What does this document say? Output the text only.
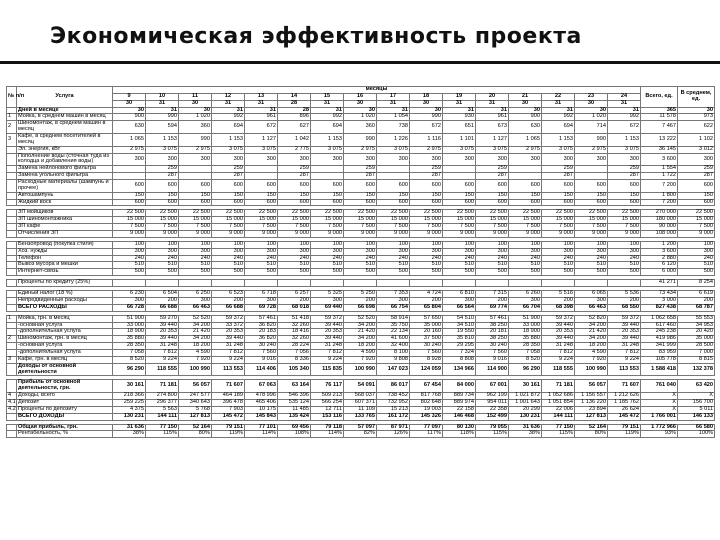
Экономическая эффективность проекта
№ п/п	Услуга	месяцы																Всего, ед.	В среднем, ед.
		9	10	11	12	13	14	15	16	17	18	19	20	21	22	23	24		
		30	31	30	31	31	28	31	30	31	30	31	31	30	31	30	31		
	Дней в месяце	30	31	30	31	31	28	31	30	31	30	31	31	30	31	30	31	365	30
1	Мойка, в среднем машин в месяц	900	990	1 020	992	961	896	992	1 020	1 054	990	930	961	900	992	1 020	992	11 578	973
2	Шиномонтаж, в среднем машин в месяц	630	594	360	694	672	627	694	360	738	672	651	673	630	694	714	672	7 467	622
3	Кафе, в среднем посетителей в месяц	1 065	1 153	990	1 153	1 127	1 042	1 153	990	1 226	1 116	1 101	1 127	1 065	1 153	990	1 153	13 222	1 102
	Эл. энергия, кВт	2 975	3 075	2 975	3 075	3 075	2 775	3 075	2 975	3 075	2 975	3 075	3 075	2 975	3 075	2 975	3 075	36 145	3 012
	Пополнение воды (сточная туда из колодца и добавления воды)	300	300	300	300	300	300	300	300	300	300	300	300	300	300	300	300	3 600	300
	Замена нейлонового фильтра		259		259		259		259		259		259		259		259	1 554	259
	Замена угольного фильтра		287		287		287		287		287		287		287		287	1 722	287
	Расходные материалы (шампунь и прочее)	600	600	600	600	600	600	600	600	600	600	600	600	600	600	600	600	7 200	600
	Автошампунь	150	150	150	150	150	150	150	150	150	150	150	150	150	150	150	150	1 800	150
	Жидкий воск	600	600	600	600	600	600	600	600	600	600	600	600	600	600	600	600	7 200	600

	ЗП мойщиков	22 500	22 500	22 500	22 500	22 500	22 500	22 500	22 500	22 500	22 500	22 500	22 500	22 500	22 500	22 500	22 500	270 000	22 500
	ЗП шиномонтажника	15 000	15 000	15 000	15 000	15 000	15 000	15 000	15 000	15 000	15 000	15 000	15 000	15 000	15 000	15 000	15 000	180 000	15 000
	ЗП кафе	7 500	7 500	7 500	7 500	7 500	7 500	7 500	7 500	7 500	7 500	7 500	7 500	7 500	7 500	7 500	7 500	90 000	7 500
	Отчисления ЗП	9 000	9 000	9 000	9 000	9 000	9 000	9 000	9 000	9 000	9 000	9 000	9 000	9 000	9 000	9 000	9 000	108 000	9 000

	Бензопровод (покупка стиля)	100	100	100	100	100	100	100	100	100	100	100	100	100	100	100	100	1 200	100
	Хоз. нужды	300	300	300	300	300	300	300	300	300	300	300	300	300	300	300	300	3 600	300
	Телефон	240	240	240	240	240	240	240	240	240	240	240	240	240	240	240	240	2 880	240
	Вывоз мусора и мешки	510	510	510	510	510	510	510	510	510	510	510	510	510	510	510	510	6 120	510
	Интернет-связь	500	500	500	500	500	500	500	500	500	500	500	500	500	500	500	500	6 000	500

	Проценты по кредиту (25%)																	41 271	8 254

	Единый налог (18 %)	6 230	6 504	6 250	6 523	6 718	6 257	5 325	5 250	7 353	4 724	6 810	7 315	6 260	5 516	6 065	5 536	73 434	6 619
	Непредвиденные расходы	300	200	300	200	300	200	300	200	300	200	300	200	300	200	300	200	3 000	200
	ВСЕГО РАСХОДЫ	66 728	66 688	66 463	66 688	69 728	68 018	69 440	66 698	66 754	65 804	66 564	69 774	66 704	68 398	66 463	68 550	827 438	68 787

1	Мойка, грн. в месяц	51 900	59 270	52 520	59 372	57 461	51 418	59 372	52 520	58 914	57 650	54 510	57 461	51 900	59 372	52 820	59 372	1 062 658	55 553
	-основная услуга	33 000	39 440	34 200	33 372	36 820	32 260	39 440	34 200	35 750	35 000	34 510	38 250	33 000	39 440	34 200	39 440	617 460	34 953
	-дополнительная услуга	18 900	20 353	21 420	20 353	20 183	18 416	20 353	21 420	22 134	20 160	19 550	20 181	18 900	20 353	21 420	20 353	245 238	20 420
2	Шиномонтаж, грн. в месяц	35 880	39 440	34 200	39 440	36 820	32 260	39 440	34 200	41 600	37 500	35 810	38 250	35 880	39 440	34 200	39 440	419 986	35 000
	-основная услуга	28 350	31 248	18 200	31 248	30 240	28 224	31 248	18 200	32 400	30 240	29 295	30 240	28 350	31 248	18 200	31 248	341 999	28 500
	-дополнительная услуга	7 058	7 812	4 590	7 812	7 560	7 056	7 812	4 590	8 100	7 560	7 324	7 560	7 058	7 812	4 590	7 812	83 959	7 000
3	Кафе, грн. в месяц	8 520	9 224	7 920	9 224	9 016	8 336	9 224	7 920	9 808	8 928	8 808	9 016	8 520	9 224	7 920	9 224	105 778	8 815
	Доходы от основной деятельности	96 290	118 555	100 990	113 553	114 406	105 340	115 835	100 990	147 023	124 059	134 966	114 900	96 290	118 555	100 990	113 553	1 588 418	132 378

	Прибыль от основной деятельности, грн.	30 161	71 181	56 057	71 607	67 063	63 164	76 117	54 091	86 017	67 454	84 000	67 001	30 161	71 181	56 057	71 607	761 040	63 420
4	Доходы, всего	218 366	274 800	247 577	464 189	478 996	546 396	509 213	568 037	738 452	817 768	889 734	962 199	1 021 872	1 052 686	1 156 557	1 212 626	X	X
4.1	Депозит	259 225	296 377	340 643	396 478	465 406	535 124	566 254	607 371	732 952	802 648	889 974	954 011	1 001 643	1 051 854	1 136 220	1 185 762	X	156 700
4.2	Проценты по депозиту	4 375	5 563	5 768	7 903	10 175	11 485	12 711	11 109	15 213	19 003	22 158	22 358	20 299	22 006	23 894	26 624	X	5 011
	ВСЕГО ДОХОДЫ	130 231	144 111	127 813	145 472	145 843	135 424	153 116	133 765	161 172	145 326	146 468	152 499	130 231	144 111	127 813	145 472	1 766 001	146 133

	Общая прибыль, грн.	31 636	77 150	52 164	79 151	77 101	69 456	79 118	57 097	87 971	77 097	80 130	79 055	31 636	77 150	52 164	79 151	1 772 966	66 580
	Рентабельность, %	38%	115%	80%	119%	114%	108%	114%	82%	126%	117%	118%	115%	38%	115%	80%	119%	93%	100%
